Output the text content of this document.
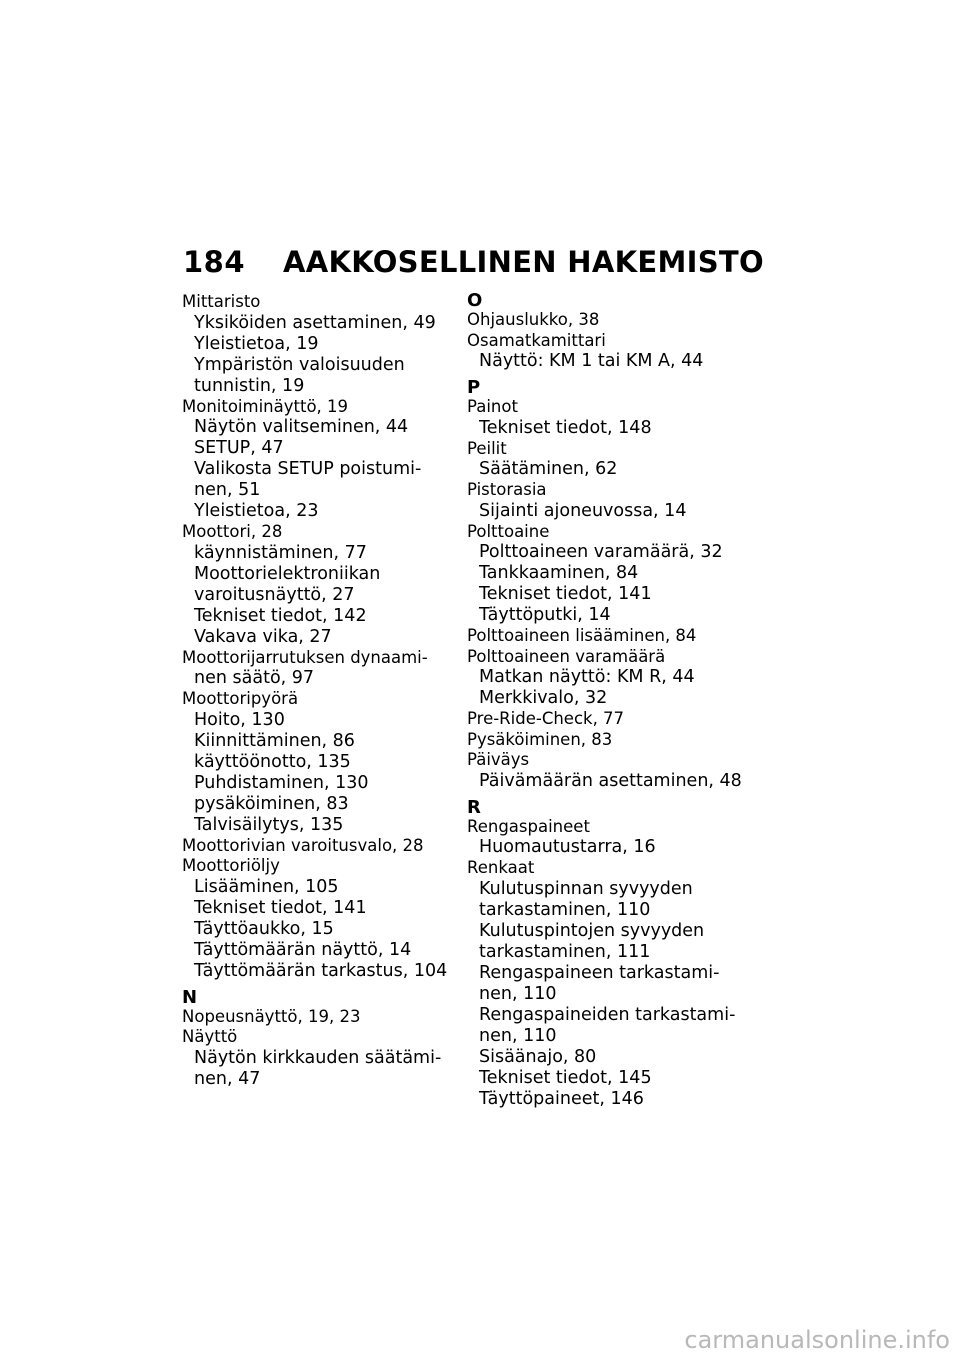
184 AAKKOSELLINEN HAKEMISTO
Mittaristo
Yksiköiden asettaminen, 49
Yleistietoa, 19
Ympäristön valoisuuden
tunnistin, 19
Monitoiminäyttö, 19
Näytön valitseminen, 44
SETUP, 47
Valikosta SETUP poistumi-
nen, 51
Yleistietoa, 23
Moottori, 28
käynnistäminen, 77
Moottorielektroniikan
varoitusnäyttö, 27
Tekniset tiedot, 142
Vakava vika, 27
Moottorijarrutuksen dynaami-
nen säätö, 97
Moottoripyörä
Hoito, 130
Kiinnittäminen, 86
käyttöönotto, 135
Puhdistaminen, 130
pysäköiminen, 83
Talvisäilytys, 135
Moottorivian varoitusvalo, 28
Moottoriöljy
Lisääminen, 105
Tekniset tiedot, 141
Täyttöaukko, 15
Täyttömäärän näyttö, 14
Täyttömäärän tarkastus, 104
N
Nopeusnäyttö, 19, 23
Näyttö
Näytön kirkkauden säätämi-
nen, 47
O
Ohjauslukko, 38
Osamatkamittari
Näyttö: KM 1 tai KM A, 44
P
Painot
Tekniset tiedot, 148
Peilit
Säätäminen, 62
Pistorasia
Sijainti ajoneuvossa, 14
Polttoaine
Polttoaineen varamäärä, 32
Tankkaaminen, 84
Tekniset tiedot, 141
Täyttöputki, 14
Polttoaineen lisääminen, 84
Polttoaineen varamäärä
Matkan näyttö: KM R, 44
Merkkivalo, 32
Pre-Ride-Check, 77
Pysäköiminen, 83
Päiväys
Päivämäärän asettaminen, 48
R
Rengaspaineet
Huomautustarra, 16
Renkaat
Kulutuspinnan syvyyden
tarkastaminen, 110
Kulutuspintojen syvyyden
tarkastaminen, 111
Rengaspaineen tarkastami-
nen, 110
Rengaspaineiden tarkastami-
nen, 110
Sisäänajo, 80
Tekniset tiedot, 145
Täyttöpaineet, 146
carmanualsonline.info
